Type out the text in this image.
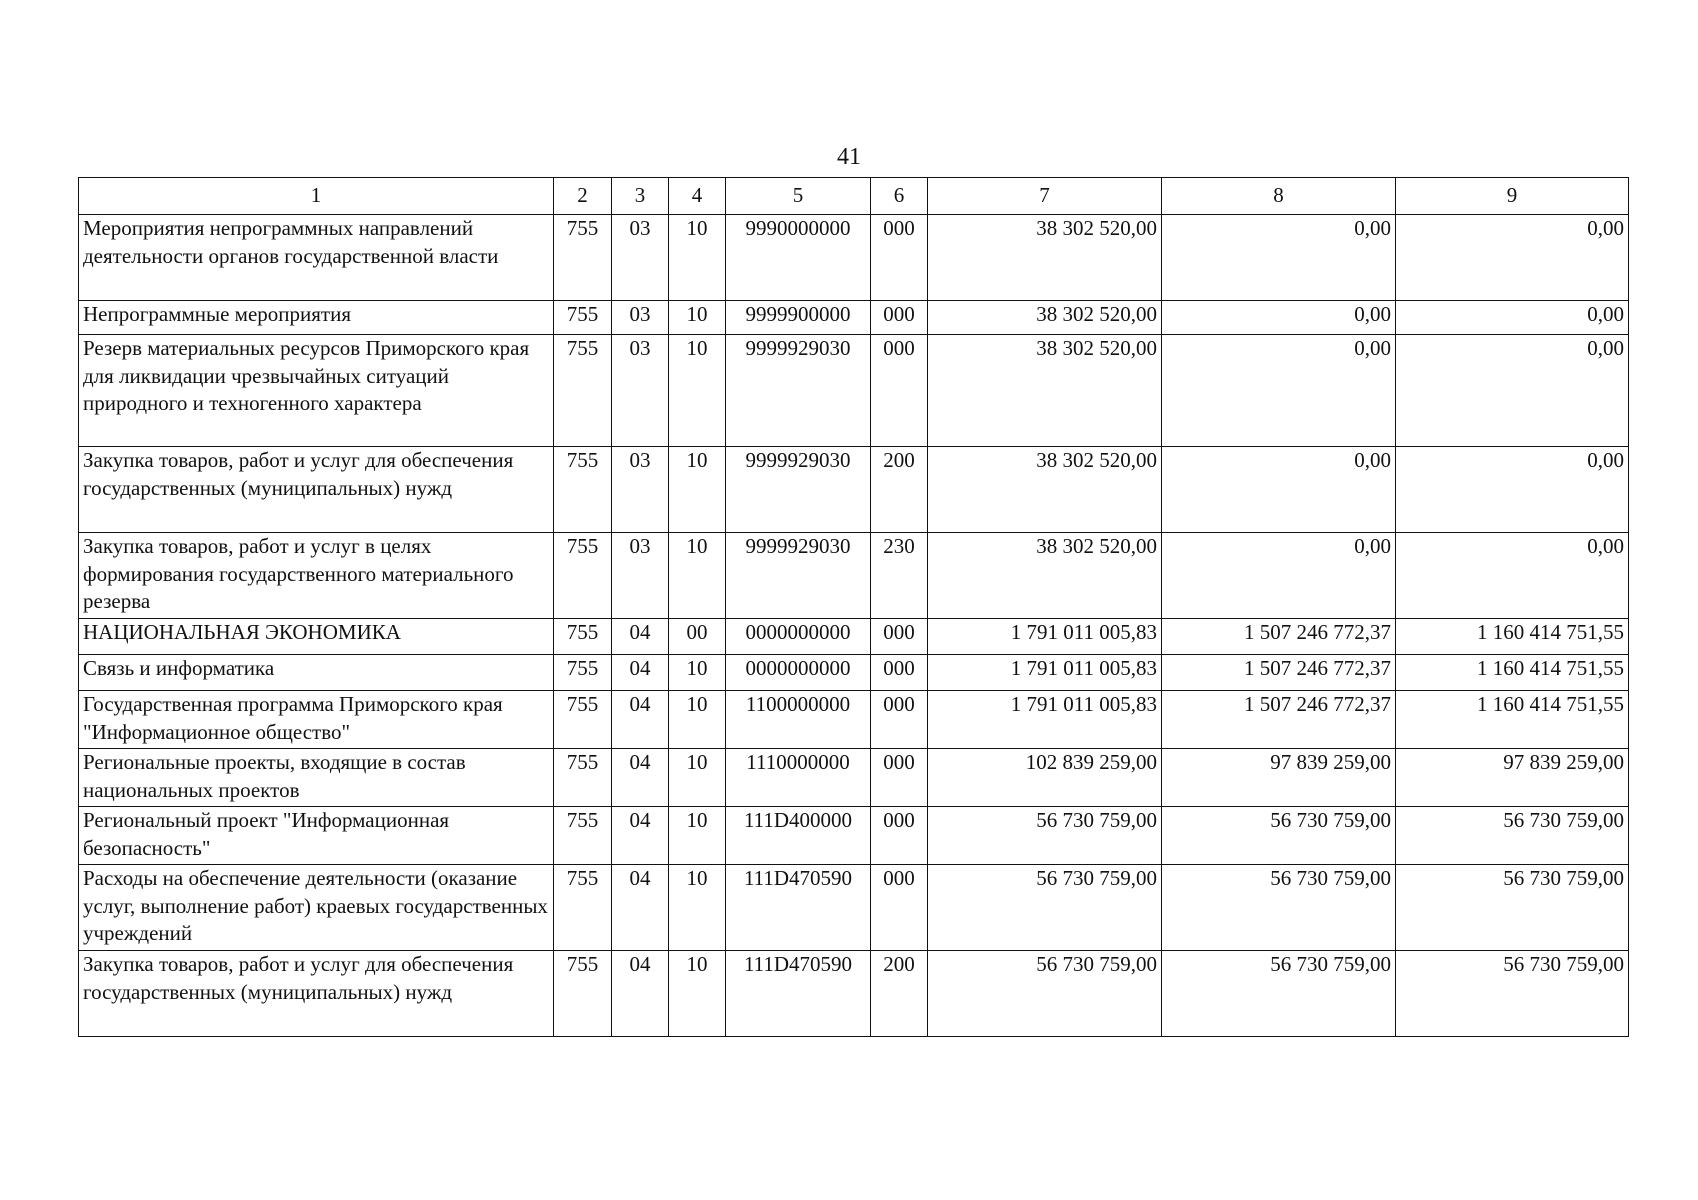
41
1	2	3	4	5	6	7	8	9
Мероприятия непрограммных направлений деятельности органов государственной власти	755	03	10	9990000000	000	38 302 520,00	0,00	0,00
Непрограммные мероприятия	755	03	10	9999900000	000	38 302 520,00	0,00	0,00
Резерв материальных ресурсов Приморского края для ликвидации чрезвычайных ситуаций природного и техногенного характера	755	03	10	9999929030	000	38 302 520,00	0,00	0,00
Закупка товаров, работ и услуг для обеспечения государственных (муниципальных) нужд	755	03	10	9999929030	200	38 302 520,00	0,00	0,00
Закупка товаров, работ и услуг в целях формирования государственного материального резерва	755	03	10	9999929030	230	38 302 520,00	0,00	0,00
НАЦИОНАЛЬНАЯ ЭКОНОМИКА	755	04	00	0000000000	000	1 791 011 005,83	1 507 246 772,37	1 160 414 751,55
Связь и информатика	755	04	10	0000000000	000	1 791 011 005,83	1 507 246 772,37	1 160 414 751,55
Государственная программа Приморского края "Информационное общество"	755	04	10	1100000000	000	1 791 011 005,83	1 507 246 772,37	1 160 414 751,55
Региональные проекты, входящие в состав национальных проектов	755	04	10	1110000000	000	102 839 259,00	97 839 259,00	97 839 259,00
Региональный проект "Информационная безопасность"	755	04	10	111D400000	000	56 730 759,00	56 730 759,00	56 730 759,00
Расходы на обеспечение деятельности (оказание услуг, выполнение работ) краевых государственных учреждений	755	04	10	111D470590	000	56 730 759,00	56 730 759,00	56 730 759,00
Закупка товаров, работ и услуг для обеспечения государственных (муниципальных) нужд	755	04	10	111D470590	200	56 730 759,00	56 730 759,00	56 730 759,00
